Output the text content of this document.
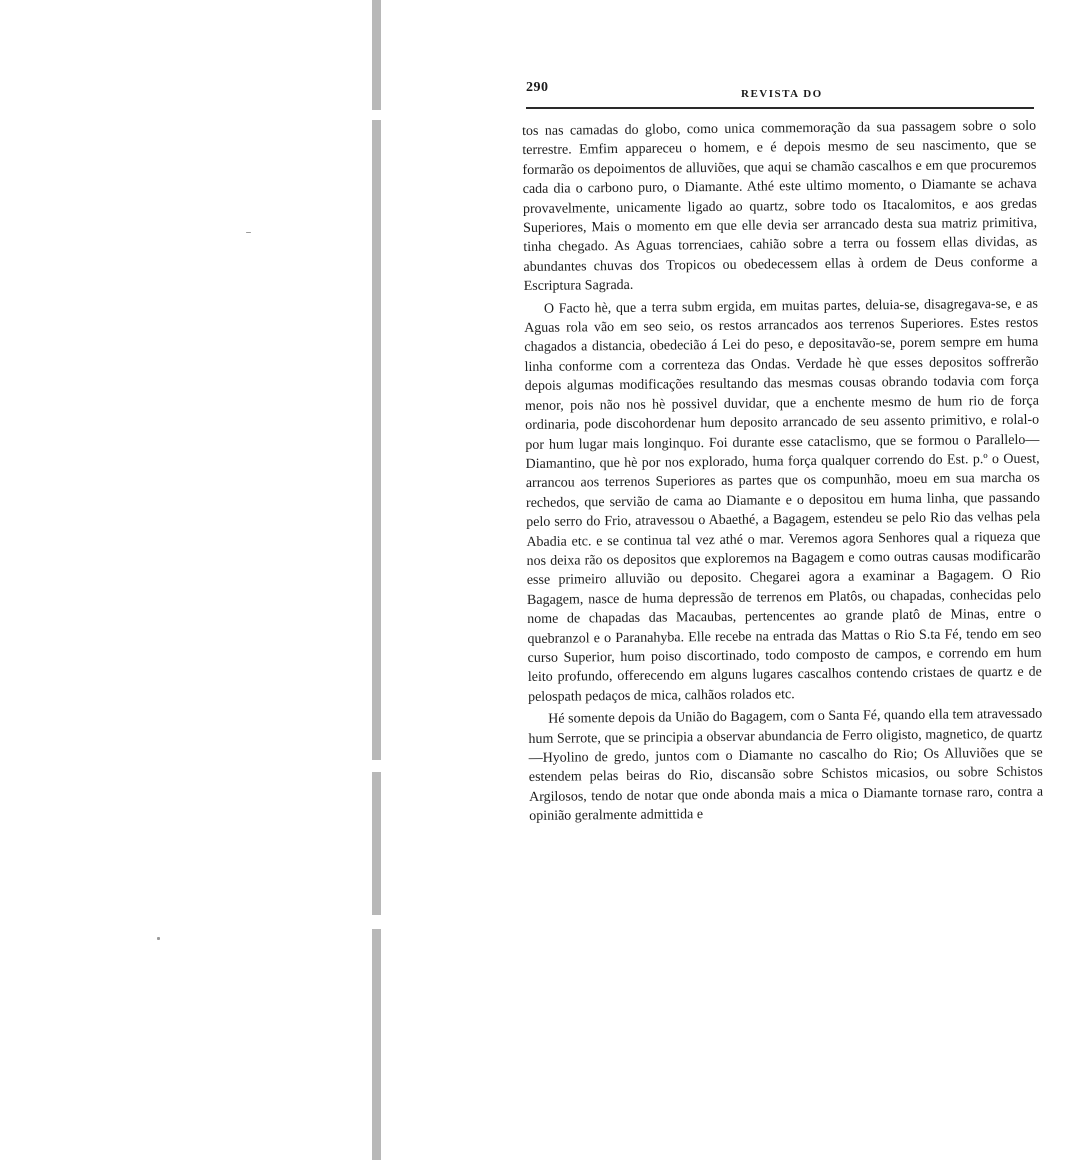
290	REVISTA DO

tos nas camadas do globo, como unica commemoração da sua passagem sobre o solo terrestre. Emfim appareceu o homem, e é depois mesmo de seu nascimento, que se formarão os depoimentos de alluviões, que aqui se chamão cascalhos e em que procuremos cada dia o carbono puro, o Diamante. Athé este ultimo momento, o Diamante se achava provavelmente, unicamente ligado ao quartz, sobre todo os Itacalomitos, e aos gredas Superiores, Mais o momento em que elle devia ser arrancado desta sua matriz primitiva, tinha chegado. As Aguas torrenciaes, cahião sobre a terra ou fossem ellas dividas, as abundantes chuvas dos Tropicos ou obedecessem ellas à ordem de Deus conforme a Escriptura Sagrada.

O Facto hè, que a terra subm ergida, em muitas partes, deluia-se, disagregava-se, e as Aguas rola vão em seo seio, os restos arrancados aos terrenos Superiores. Estes restos chagados a distancia, obedecião á Lei do peso, e depositavão-se, porem sempre em huma linha conforme com a correnteza das Ondas. Verdade hè que esses depositos soffrerão depois algumas modificações resultando das mesmas cousas obrando todavia com força menor, pois não nos hè possivel duvidar, que a enchente mesmo de hum rio de força ordinaria, pode discohordenar hum deposito arrancado de seu assento primitivo, e rolal-o por hum lugar mais longinquo. Foi durante esse cataclismo, que se formou o Parallelo—Diamantino, que hè por nos explorado, huma força qualquer correndo do Est. p.º o Ouest, arrancou aos terrenos Superiores as partes que os compunhão, moeu em sua marcha os rechedos, que servião de cama ao Diamante e o depositou em huma linha, que passando pelo serro do Frio, atravessou o Abaethé, a Bagagem, estendeu se pelo Rio das velhas pela Abadia etc. e se continua tal vez athé o mar. Veremos agora Senhores qual a riqueza que nos deixa rão os depositos que exploremos na Bagagem e como outras causas modificarão esse primeiro alluvião ou deposito. Chegarei agora a examinar a Bagagem. O Rio Bagagem, nasce de huma depressão de terrenos em Platôs, ou chapadas, conhecidas pelo nome de chapadas das Macaubas, pertencentes ao grande platô de Minas, entre o quebranzol e o Paranahyba. Elle recebe na entrada das Mattas o Rio S.ta Fé, tendo em seo curso Superior, hum poiso discortinado, todo composto de campos, e correndo em hum leito profundo, offerecendo em alguns lugares cascalhos contendo cristaes de quartz e de pelospath pedaços de mica, calhãos rolados etc.

Hé somente depois da União do Bagagem, com o Santa Fé, quando ella tem atravessado hum Serrote, que se principia a observar abundancia de Ferro oligisto, magnetico, de quartz—Hyolino de gredo, juntos com o Diamante no cascalho do Rio; Os Alluviões que se estendem pelas beiras do Rio, discansão sobre Schistos micasios, ou sobre Schistos Argilosos, tendo de notar que onde abonda mais a mica o Diamante tornase raro, contra a opinião geralmente admittida e
